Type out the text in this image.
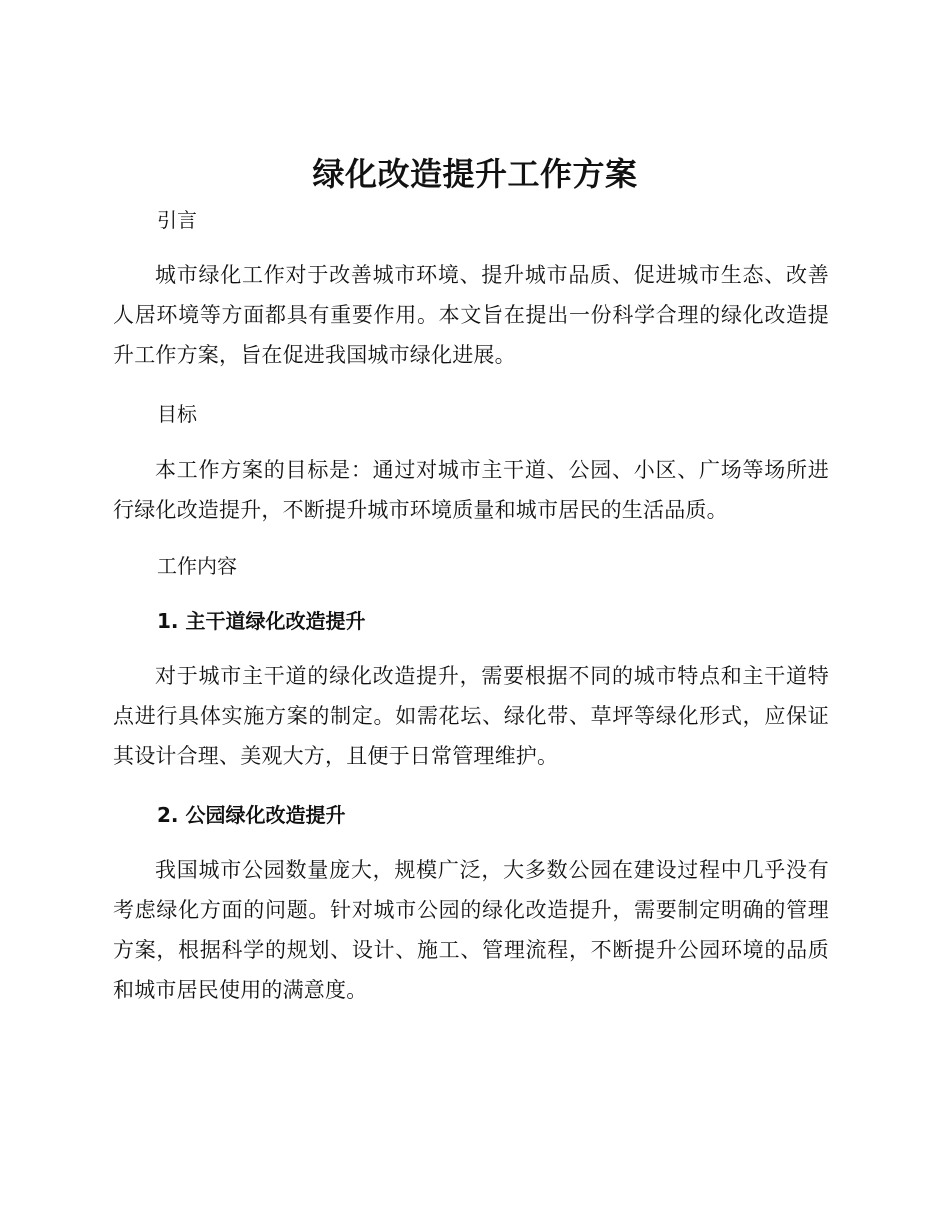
绿化改造提升工作方案
引言

城市绿化工作对于改善城市环境、提升城市品质、促进城市生态、改善人居环境等方面都具有重要作用。本文旨在提出一份科学合理的绿化改造提升工作方案，旨在促进我国城市绿化进展。

目标

本工作方案的目标是：通过对城市主干道、公园、小区、广场等场所进行绿化改造提升，不断提升城市环境质量和城市居民的生活品质。

工作内容
1. 主干道绿化改造提升

对于城市主干道的绿化改造提升，需要根据不同的城市特点和主干道特点进行具体实施方案的制定。如需花坛、绿化带、草坪等绿化形式，应保证其设计合理、美观大方，且便于日常管理维护。

2. 公园绿化改造提升

我国城市公园数量庞大，规模广泛，大多数公园在建设过程中几乎没有考虑绿化方面的问题。针对城市公园的绿化改造提升，需要制定明确的管理方案，根据科学的规划、设计、施工、管理流程，不断提升公园环境的品质和城市居民使用的满意度。
